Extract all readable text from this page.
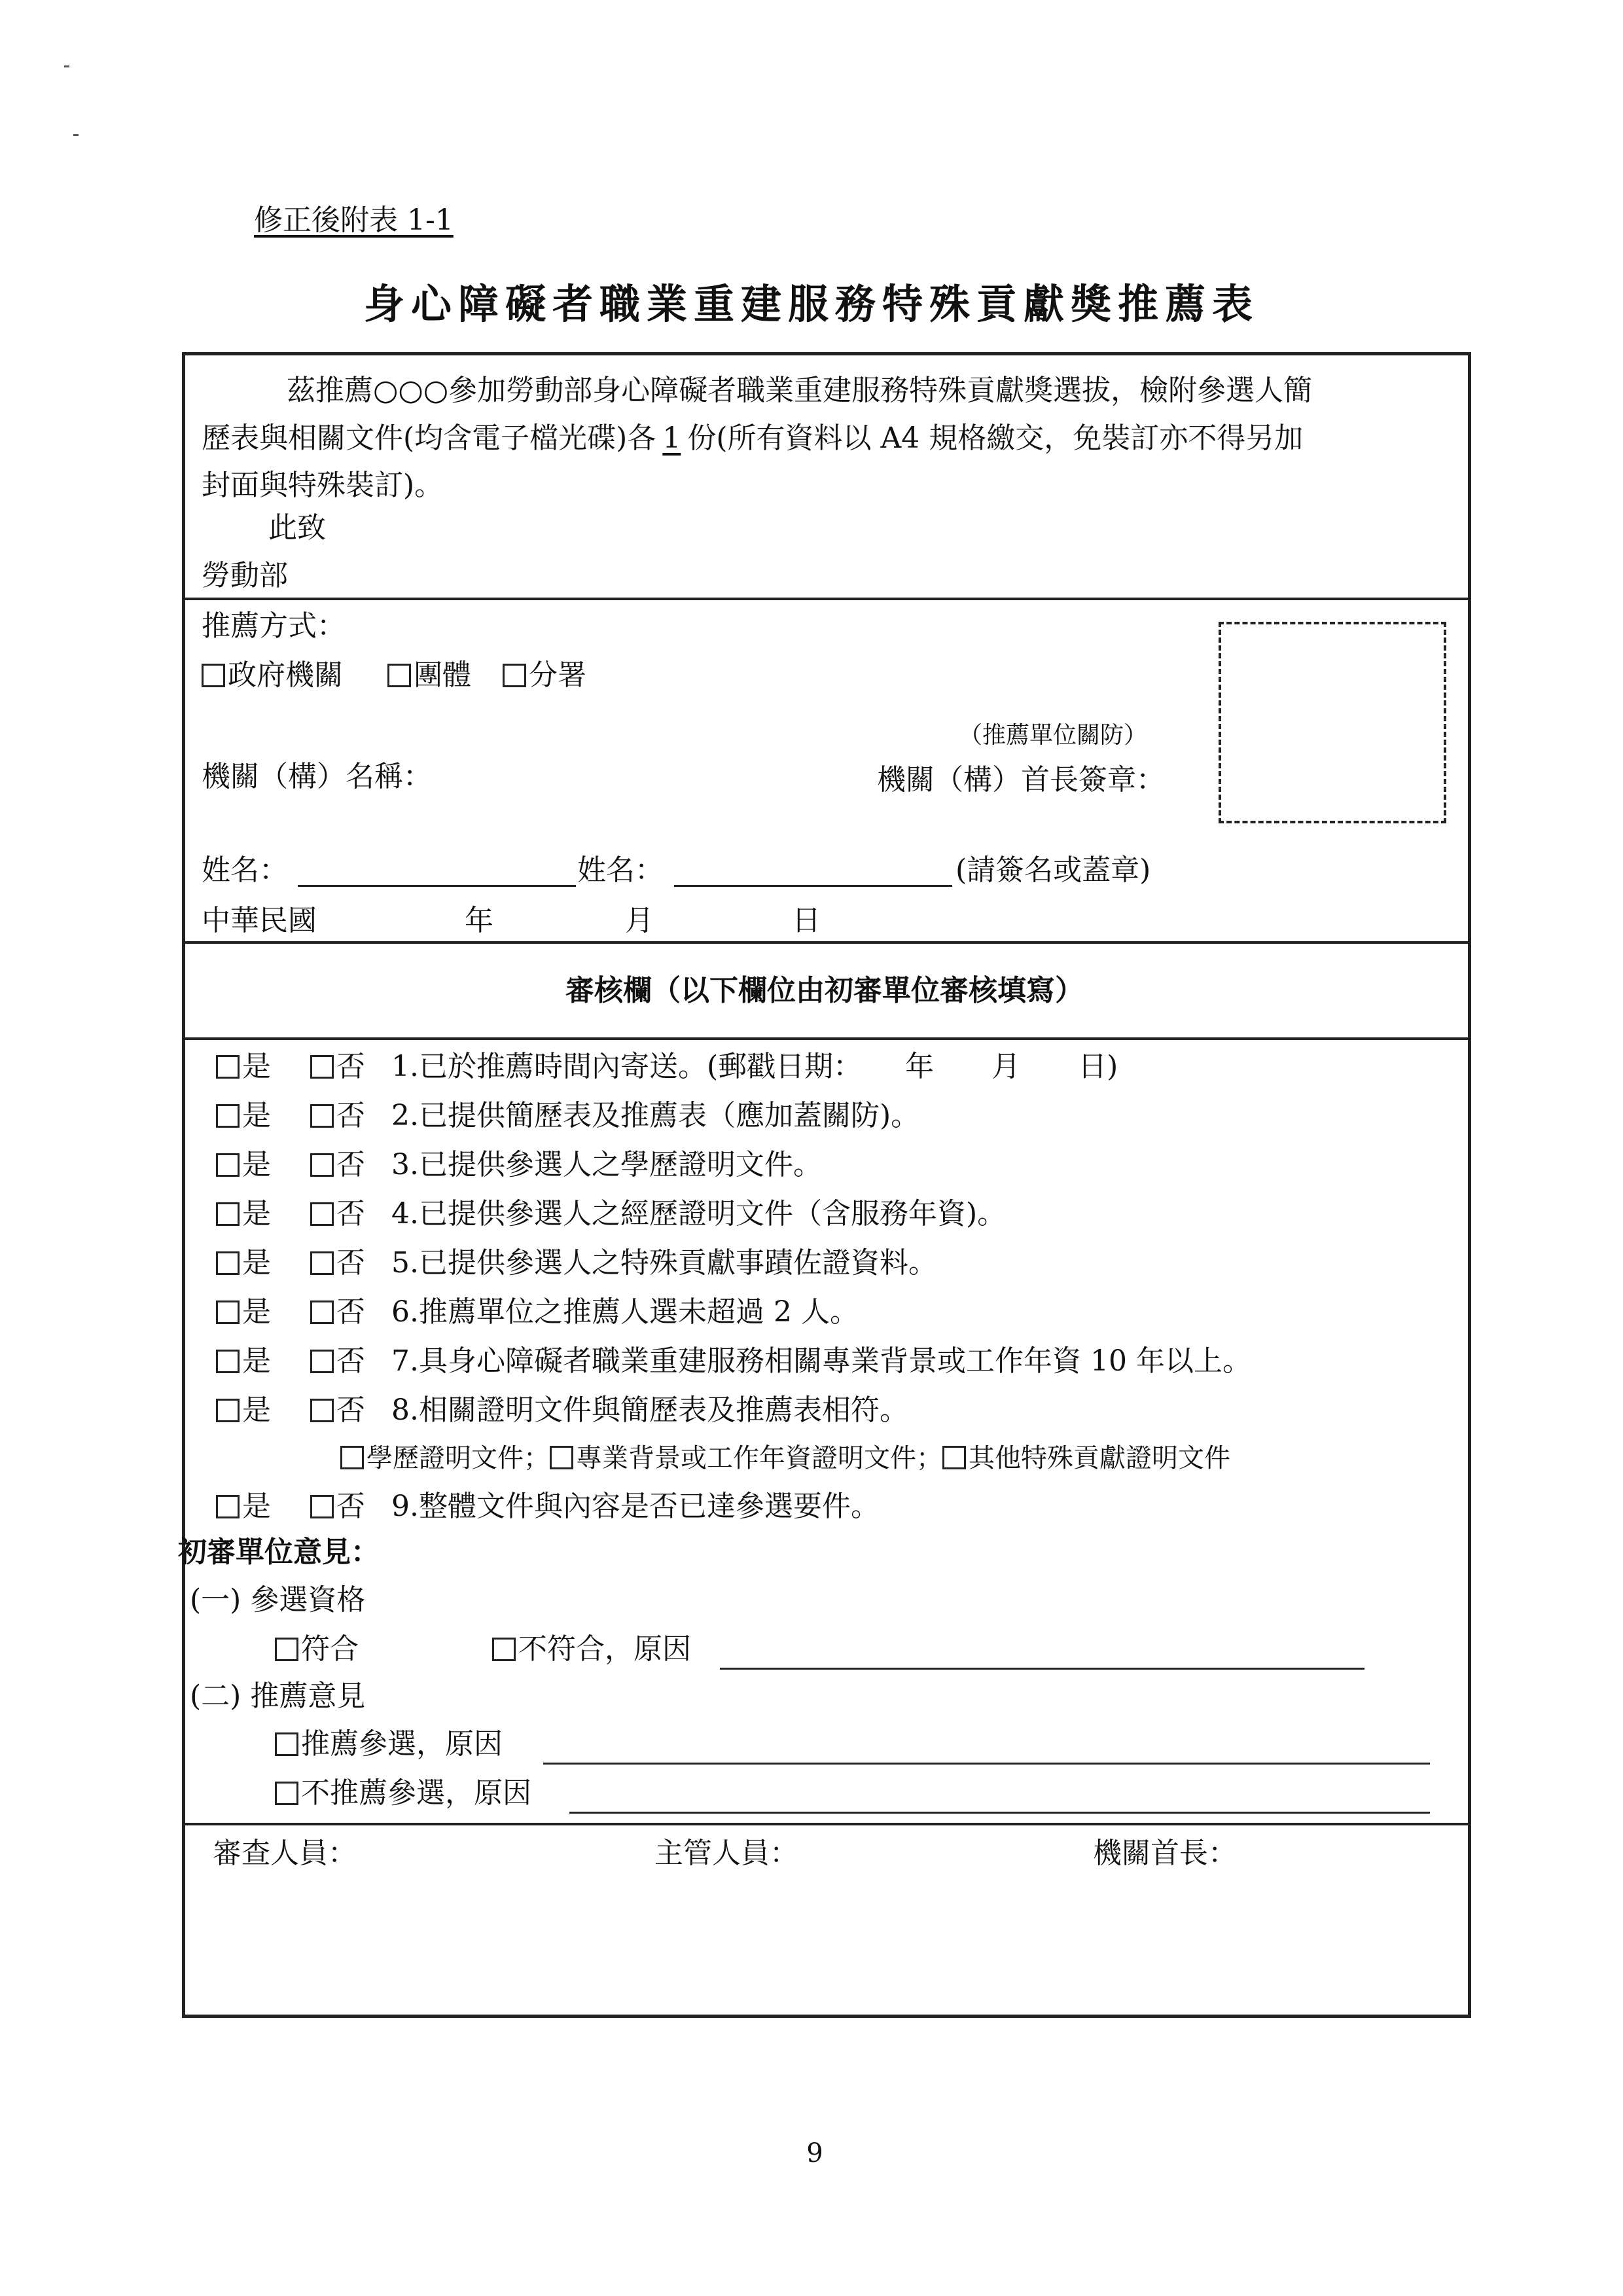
修正後附表 1-1
身心障礙者職業重建服務特殊貢獻獎推薦表
茲推薦○○○參加勞動部身心障礙者職業重建服務特殊貢獻獎選拔，檢附參選人簡
歷表與相關文件(均含電子檔光碟)各 1 份(所有資料以 A4 規格繳交，免裝訂亦不得另加
封面與特殊裝訂)。
此致
勞動部
推薦方式：
政府機關 團體 分署
（推薦單位關防）
機關（構）名稱：	機關（構）首長簽章：
姓名：	姓名：	(請簽名或蓋章)
中華民國	年	月	日
審核欄（以下欄位由初審單位審核填寫）
是 否 1.已於推薦時間內寄送。(郵戳日期：　　年　　月　　日)
是 否 2.已提供簡歷表及推薦表（應加蓋關防)。
是 否 3.已提供參選人之學歷證明文件。
是 否 4.已提供參選人之經歷證明文件（含服務年資)。
是 否 5.已提供參選人之特殊貢獻事蹟佐證資料。
是 否 6.推薦單位之推薦人選未超過 2 人。
是 否 7.具身心障礙者職業重建服務相關專業背景或工作年資 10 年以上。
是 否 8.相關證明文件與簡歷表及推薦表相符。
學歷證明文件； 專業背景或工作年資證明文件； 其他特殊貢獻證明文件
是 否 9.整體文件與內容是否已達參選要件。
初審單位意見：
(一) 參選資格
符合	不符合，原因
(二) 推薦意見
推薦參選，原因
不推薦參選，原因
審查人員：	主管人員：	機關首長：
9
